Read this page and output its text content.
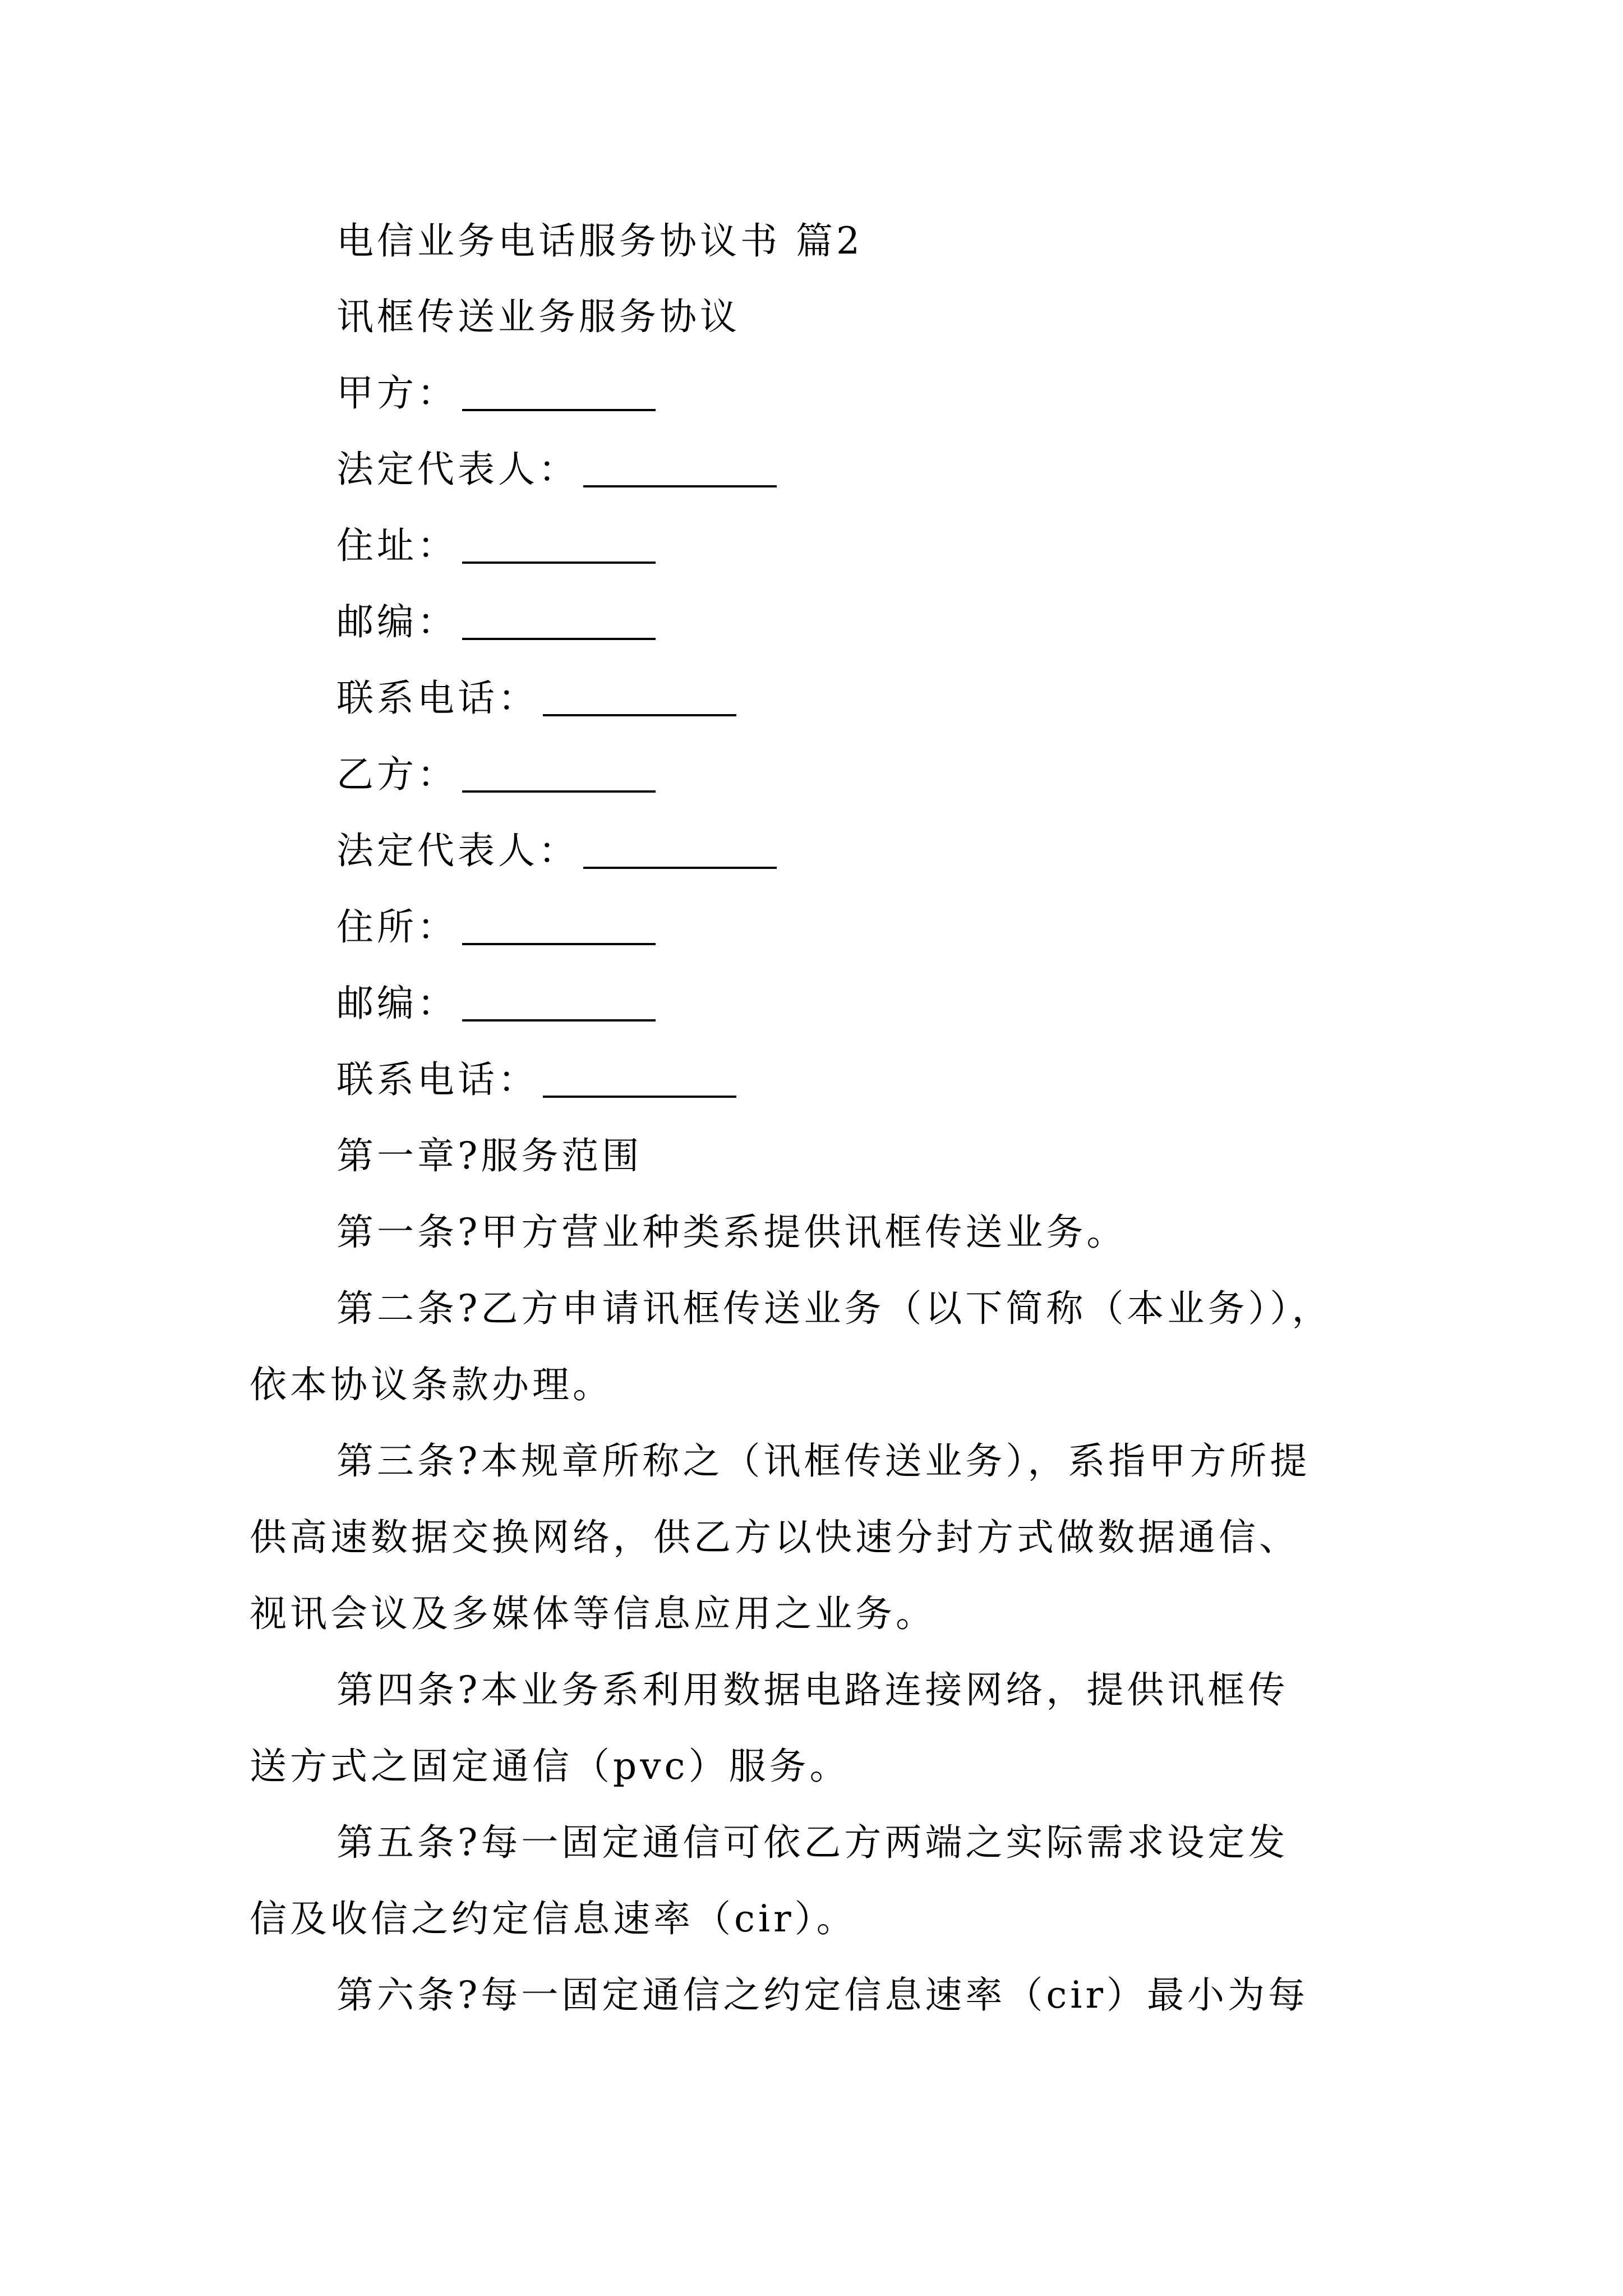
电信业务电话服务协议书 篇2
讯框传送业务服务协议
甲方：
法定代表人：
住址：
邮编：
联系电话：
乙方：
法定代表人：
住所：
邮编：
联系电话：
第一章?服务范围
第一条?甲方营业种类系提供讯框传送业务。
第二条?乙方申请讯框传送业务（以下简称（本业务）），
依本协议条款办理。
第三条?本规章所称之（讯框传送业务），系指甲方所提
供高速数据交换网络，供乙方以快速分封方式做数据通信、
视讯会议及多媒体等信息应用之业务。
第四条?本业务系利用数据电路连接网络，提供讯框传
送方式之固定通信（pvc）服务。
第五条?每一固定通信可依乙方两端之实际需求设定发
信及收信之约定信息速率（cir）。
第六条?每一固定通信之约定信息速率（cir）最小为每
